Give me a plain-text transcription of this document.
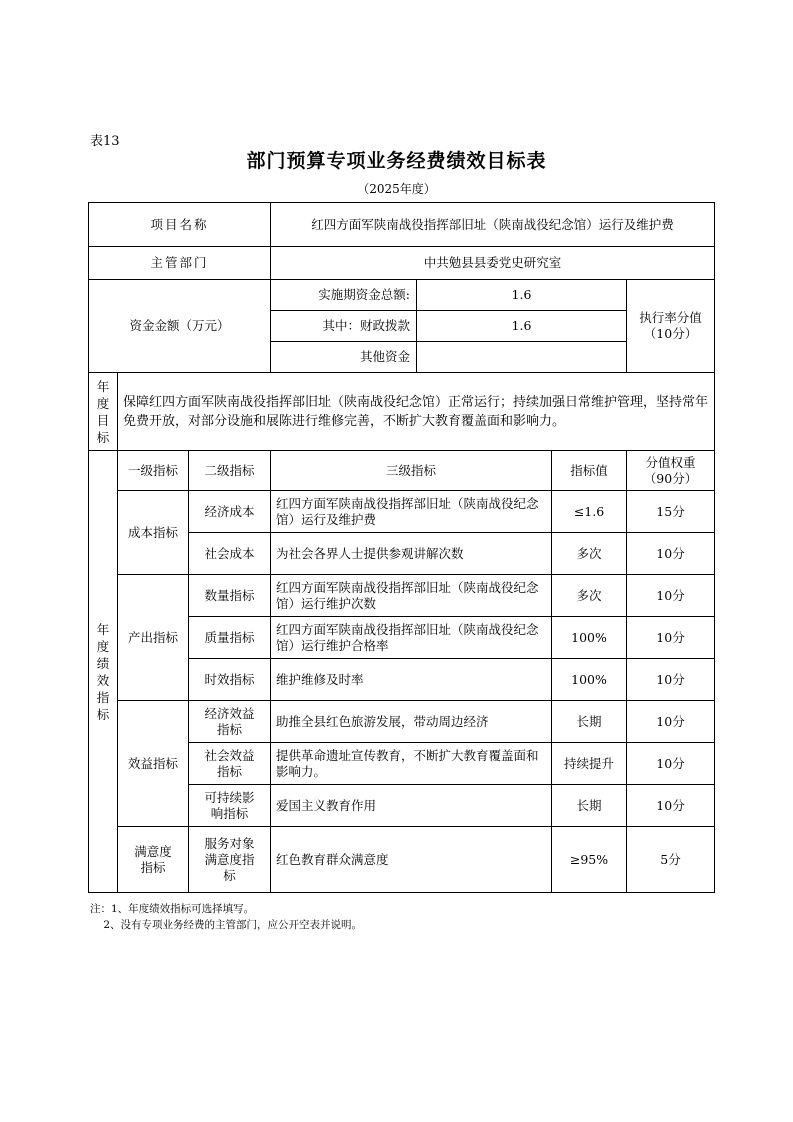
表13
部门预算专项业务经费绩效目标表
（2025年度）
项目名称			红四方面军陕南战役指挥部旧址（陕南战役纪念馆）运行及维护费			
主管部门			中共勉县县委党史研究室			

资金金额（万元）			实施期资金总额:	1.6		执行率分值（10分）

			其中：财政拨款	1.6		
			其他资金			
年度目标	保障红四方面军陕南战役指挥部旧址（陕南战役纪念馆）正常运行；持续加强日常维护管理，坚持常年免费开放，对部分设施和展陈进行维修完善，不断扩大教育覆盖面和影响力。					
年度绩效指标	一级指标	二级指标	三级指标		指标值	分值权重（90分）

	成本指标	经济成本	红四方面军陕南战役指挥部旧址（陕南战役纪念馆）运行及维护费		≤1.6	15分
		社会成本	为社会各界人士提供参观讲解次数		多次	10分
	产出指标	数量指标	红四方面军陕南战役指挥部旧址（陕南战役纪念馆）运行维护次数		多次	10分
		质量指标	红四方面军陕南战役指挥部旧址（陕南战役纪念馆）运行维护合格率		100%	10分
		时效指标	维护维修及时率		100%	10分
	效益指标	经济效益指标	助推全县红色旅游发展，带动周边经济		长期	10分

		社会效益指标	提供革命遗址宣传教育，不断扩大教育覆盖面和影响力。		持续提升	10分

		可持续影响指标	爱国主义教育作用		长期	10分

	满意度指标	服务对象满意度指标	红色教育群众满意度		≥95%	5分
注：1、年度绩效指标可选择填写。
2、没有专项业务经费的主管部门，应公开空表并说明。
